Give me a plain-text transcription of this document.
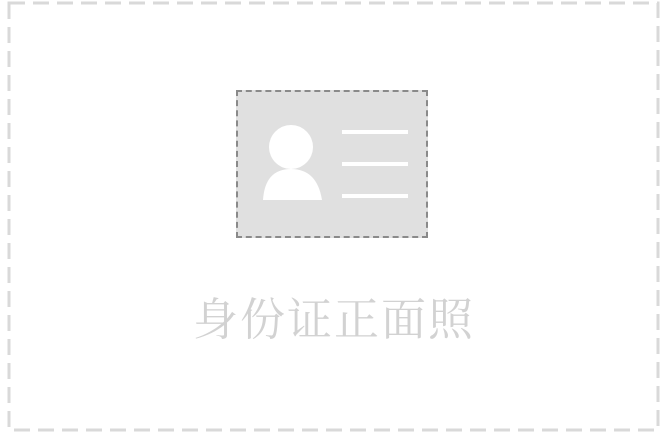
身份证正面照
